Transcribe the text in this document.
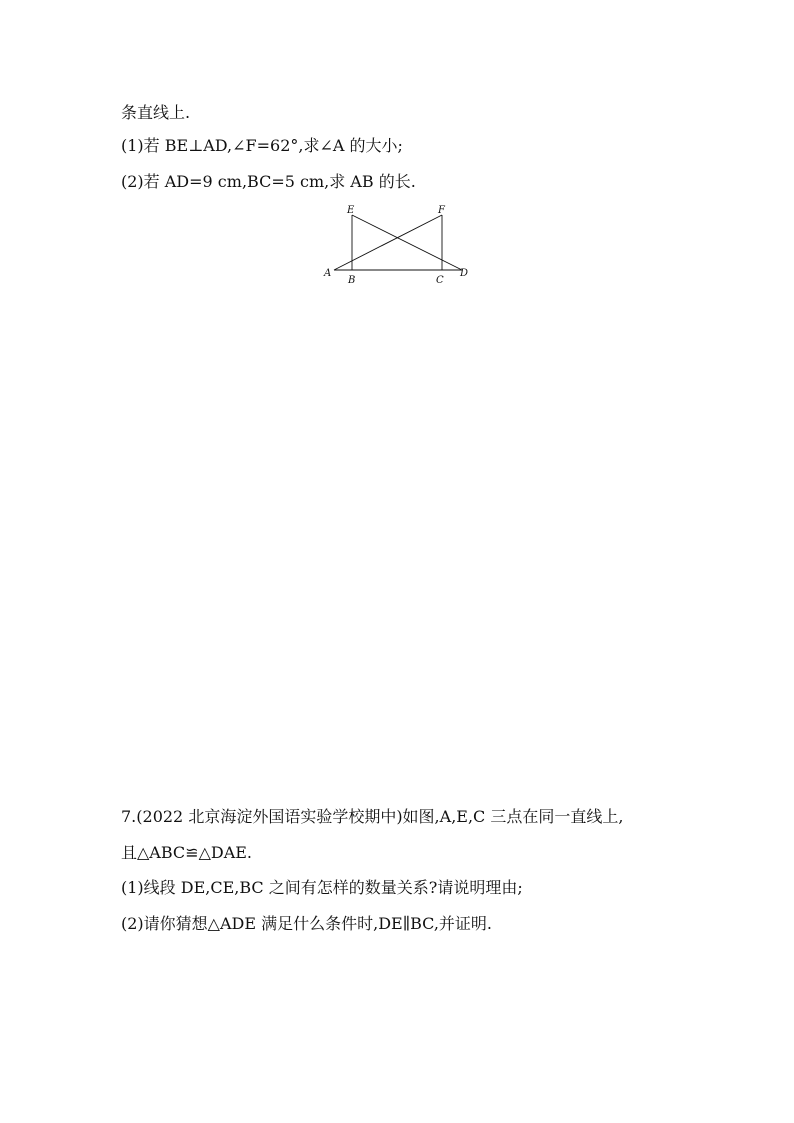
条直线上.
(1)若 BE⊥AD,∠F=62°,求∠A 的大小;
(2)若 AD=9 cm,BC=5 cm,求 AB 的长.
E	F
A
B	C
D
7.(2022 北京海淀外国语实验学校期中)如图,A,E,C 三点在同一直线上,
且△ABC≌△DAE.
(1)线段 DE,CE,BC 之间有怎样的数量关系?请说明理由;
(2)请你猜想△ADE 满足什么条件时,DE∥BC,并证明.
